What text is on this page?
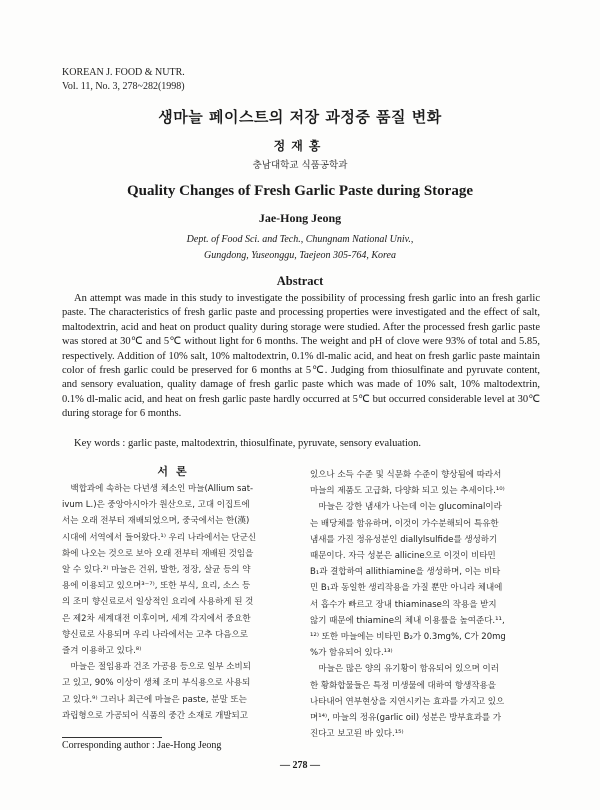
KOREAN J. FOOD & NUTR.
Vol. 11, No. 3, 278~282(1998)
생마늘 페이스트의 저장 과정중 품질 변화
정재홍
충남대학교 식품공학과
Quality Changes of Fresh Garlic Paste during Storage
Jae-Hong Jeong
Dept. of Food Sci. and Tech., Chungnam National Univ.,
Gungdong, Yuseonggu, Taejeon 305-764, Korea
Abstract
An attempt was made in this study to investigate the possibility of processing fresh garlic into an fresh garlic paste. The characteristics of fresh garlic paste and processing properties were investigated and the effect of salt, maltodextrin, acid and heat on product quality during storage were studied. After the processed fresh garlic paste was stored at 30℃ and 5℃ without light for 6 months. The weight and pH of clove were 93% of total and 5.85, respectively. Addition of 10% salt, 10% maltodextrin, 0.1% dl-malic acid, and heat on fresh garlic paste maintain color of fresh garlic could be preserved for 6 months at 5℃. Judging from thiosulfinate and pyruvate content, and sensory evaluation, quality damage of fresh garlic paste which was made of 10% salt, 10% maltodextrin, 0.1% dl-malic acid, and heat on fresh garlic paste hardly occurred at 5℃ but occurred considerable level at 30℃ during storage for 6 months.
Key words : garlic paste, maltodextrin, thiosulfinate, pyruvate, sensory evaluation.
서론

　백합과에 속하는 다년생 체소인 마늘(Allium sat-

ivum L.)은 중앙아시아가 원산으로, 고대 이집트에

서는 오래 전부터 재배되었으며, 중국에서는 한(漢)

시대에 서역에서 들어왔다.¹⁾ 우리 나라에서는 단군신

화에 나오는 것으로 보아 오래 전부터 재배된 것임을

알 수 있다.²⁾ 마늘은 건위, 발한, 정장, 살균 등의 약

용에 이용되고 있으며³⁻⁷⁾, 또한 부식, 요리, 소스 등

의 조미 향신료로서 일상적인 요리에 사용하게 된 것

은 제2차 세계대전 이후이며, 세계 각지에서 중요한

향신료로 사용되며 우리 나라에서는 고추 다음으로

즐겨 이용하고 있다.⁸⁾

　마늘은 절임용과 건조 가공용 등으로 일부 소비되

고 있고, 90% 이상이 생체 조미 부식용으로 사용되

고 있다.⁹⁾ 그러나 최근에 마늘은 paste, 분말 또는

과립형으로 가공되어 식품의 중간 소재로 개발되고

있으나 소득 수준 및 식문화 수준이 향상됨에 따라서

마늘의 제품도 고급화, 다양화 되고 있는 추세이다.¹⁰⁾

　마늘은 강한 냄새가 나는데 이는 glucominal이라

는 배당체를 함유하며, 이것이 가수분해되어 특유한

냄새를 가진 정유성분인 diallylsulfide를 생성하기

때문이다. 자극 성분은 allicine으로 이것이 비타민

B₁과 결합하여 allithiamine을 생성하며, 이는 비타

민 B₁과 동일한 생리작용을 가질 뿐만 아니라 체내에

서 흡수가 빠르고 장내 thiaminase의 작용을 받지

않기 때문에 thiamine의 체내 이용률을 높여준다.¹¹,

¹²⁾ 또한 마늘에는 비타민 B₂가 0.3mg%, C가 20mg

%가 함유되어 있다.¹³⁾

　마늘은 많은 양의 유기황이 함유되어 있으며 이러

한 황화합물들은 특정 미생물에 대하여 항생작용을

나타내어 연부현상을 지연시키는 효과를 가지고 있으

며¹⁴⁾, 마늘의 정유(garlic oil) 성분은 방부효과를 가

진다고 보고된 바 있다.¹⁵⁾

Corresponding author : Jae-Hong Jeong
— 278 —
